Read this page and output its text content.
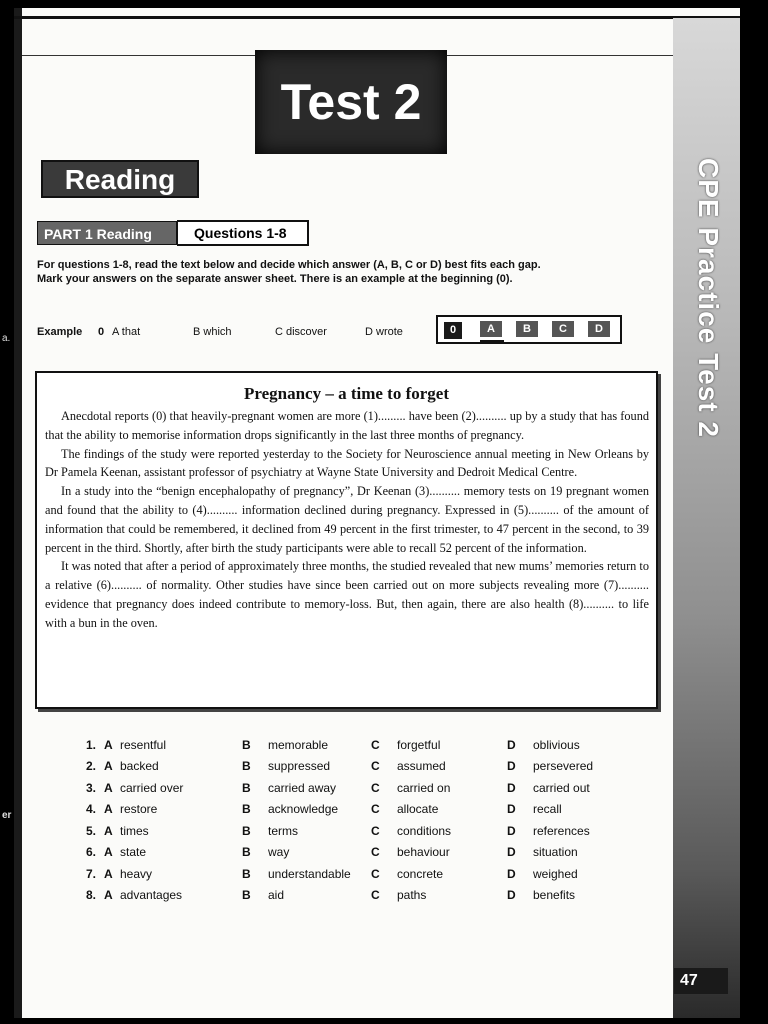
a.
er
CPE Practice Test 2
47
Test 2
Reading
PART 1 Reading	Questions 1-8
For questions 1-8, read the text below and decide which answer (A, B, C or D) best fits each gap.
Mark your answers on the separate answer sheet. There is an example at the beginning (0).
Example 0 A that	B which	C discover	D wrote	0	A	B	C	D
Pregnancy – a time to forget

Anecdotal reports (0) that heavily-pregnant women are more (1)......... have been (2).......... up by a study that has found that the ability to memorise information drops significantly in the last three months of pregnancy.

The findings of the study were reported yesterday to the Society for Neuroscience annual meeting in New Orleans by Dr Pamela Keenan, assistant professor of psychiatry at Wayne State University and Dedroit Medical Centre.

In a study into the “benign encephalopathy of pregnancy”, Dr Keenan (3).......... memory tests on 19 pregnant women and found that the ability to (4).......... information declined during pregnancy. Expressed in (5).......... of the amount of information that could be remembered, it declined from 49 percent in the first trimester, to 47 percent in the second, to 39 percent in the third. Shortly, after birth the study participants were able to recall 52 percent of the information.

It was noted that after a period of approximately three months, the studied revealed that new mums’ memories return to a relative (6).......... of normality. Other studies have since been carried out on more subjects revealing more (7).......... evidence that pregnancy does indeed contribute to memory-loss. But, then again, there are also health (8).......... to life with a bun in the oven.

1. A resentful	B memorable	C forgetful	D oblivious
2. A backed	B suppressed	C assumed	D persevered
3. A carried over	B carried away	C carried on	D carried out
4. A restore	B acknowledge	C allocate	D recall
5. A times	B terms	C conditions	D references
6. A state	B way	C behaviour	D situation
7. A heavy	B understandable C concrete	D weighed
8. A advantages	B aid	C paths	D benefits
